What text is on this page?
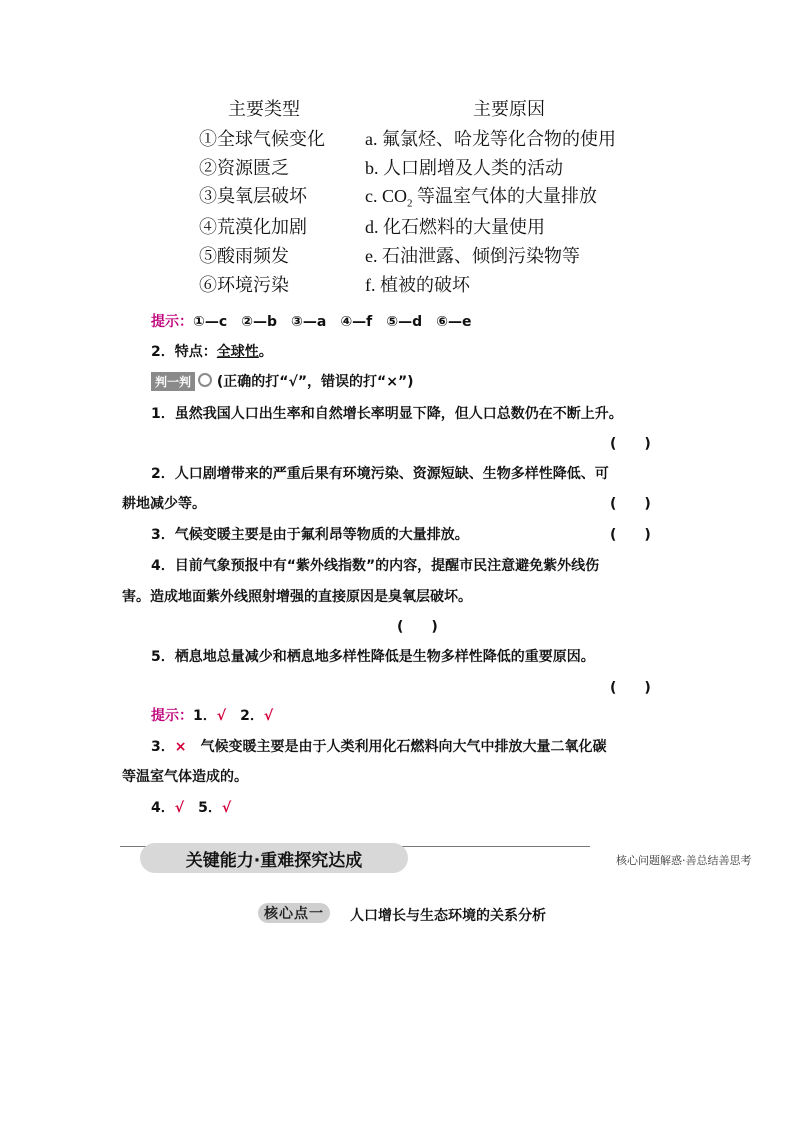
主要类型	主要原因
①全球气候变化 a. 氟氯烃、哈龙等化合物的使用
②资源匮乏	b. 人口剧增及人类的活动
③臭氧层破坏	c. $CO_2$ 等温室气体的大量排放
④荒漠化加剧	d. 化石燃料的大量使用
⑤酸雨频发	e. 石油泄露、倾倒污染物等
⑥环境污染	f. 植被的破坏
提示：①—c　②—b　③—a　④—f　⑤—d　⑥—e
2．特点：全球性。
判一判 (正确的打“√”，错误的打“×”)
1．虽然我国人口出生率和自然增长率明显下降，但人口总数仍在不断上升。
(　　)
2．人口剧增带来的严重后果有环境污染、资源短缺、生物多样性降低、可
耕地减少等。	(　　)
3．气候变暖主要是由于氟利昂等物质的大量排放。	(　　)
4．目前气象预报中有“紫外线指数”的内容，提醒市民注意避免紫外线伤
害。造成地面紫外线照射增强的直接原因是臭氧层破坏。
(　　)
5．栖息地总量减少和栖息地多样性降低是生物多样性降低的重要原因。
(　　)
提示：1．√　 2．√
3．×　气候变暖主要是由于人类利用化石燃料向大气中排放大量二氧化碳
等温室气体造成的。
4．√　 5．√
关键能力·重难探究达成	核心问题解惑·善总结善思考
核心点一 人口增长与生态环境的关系分析
